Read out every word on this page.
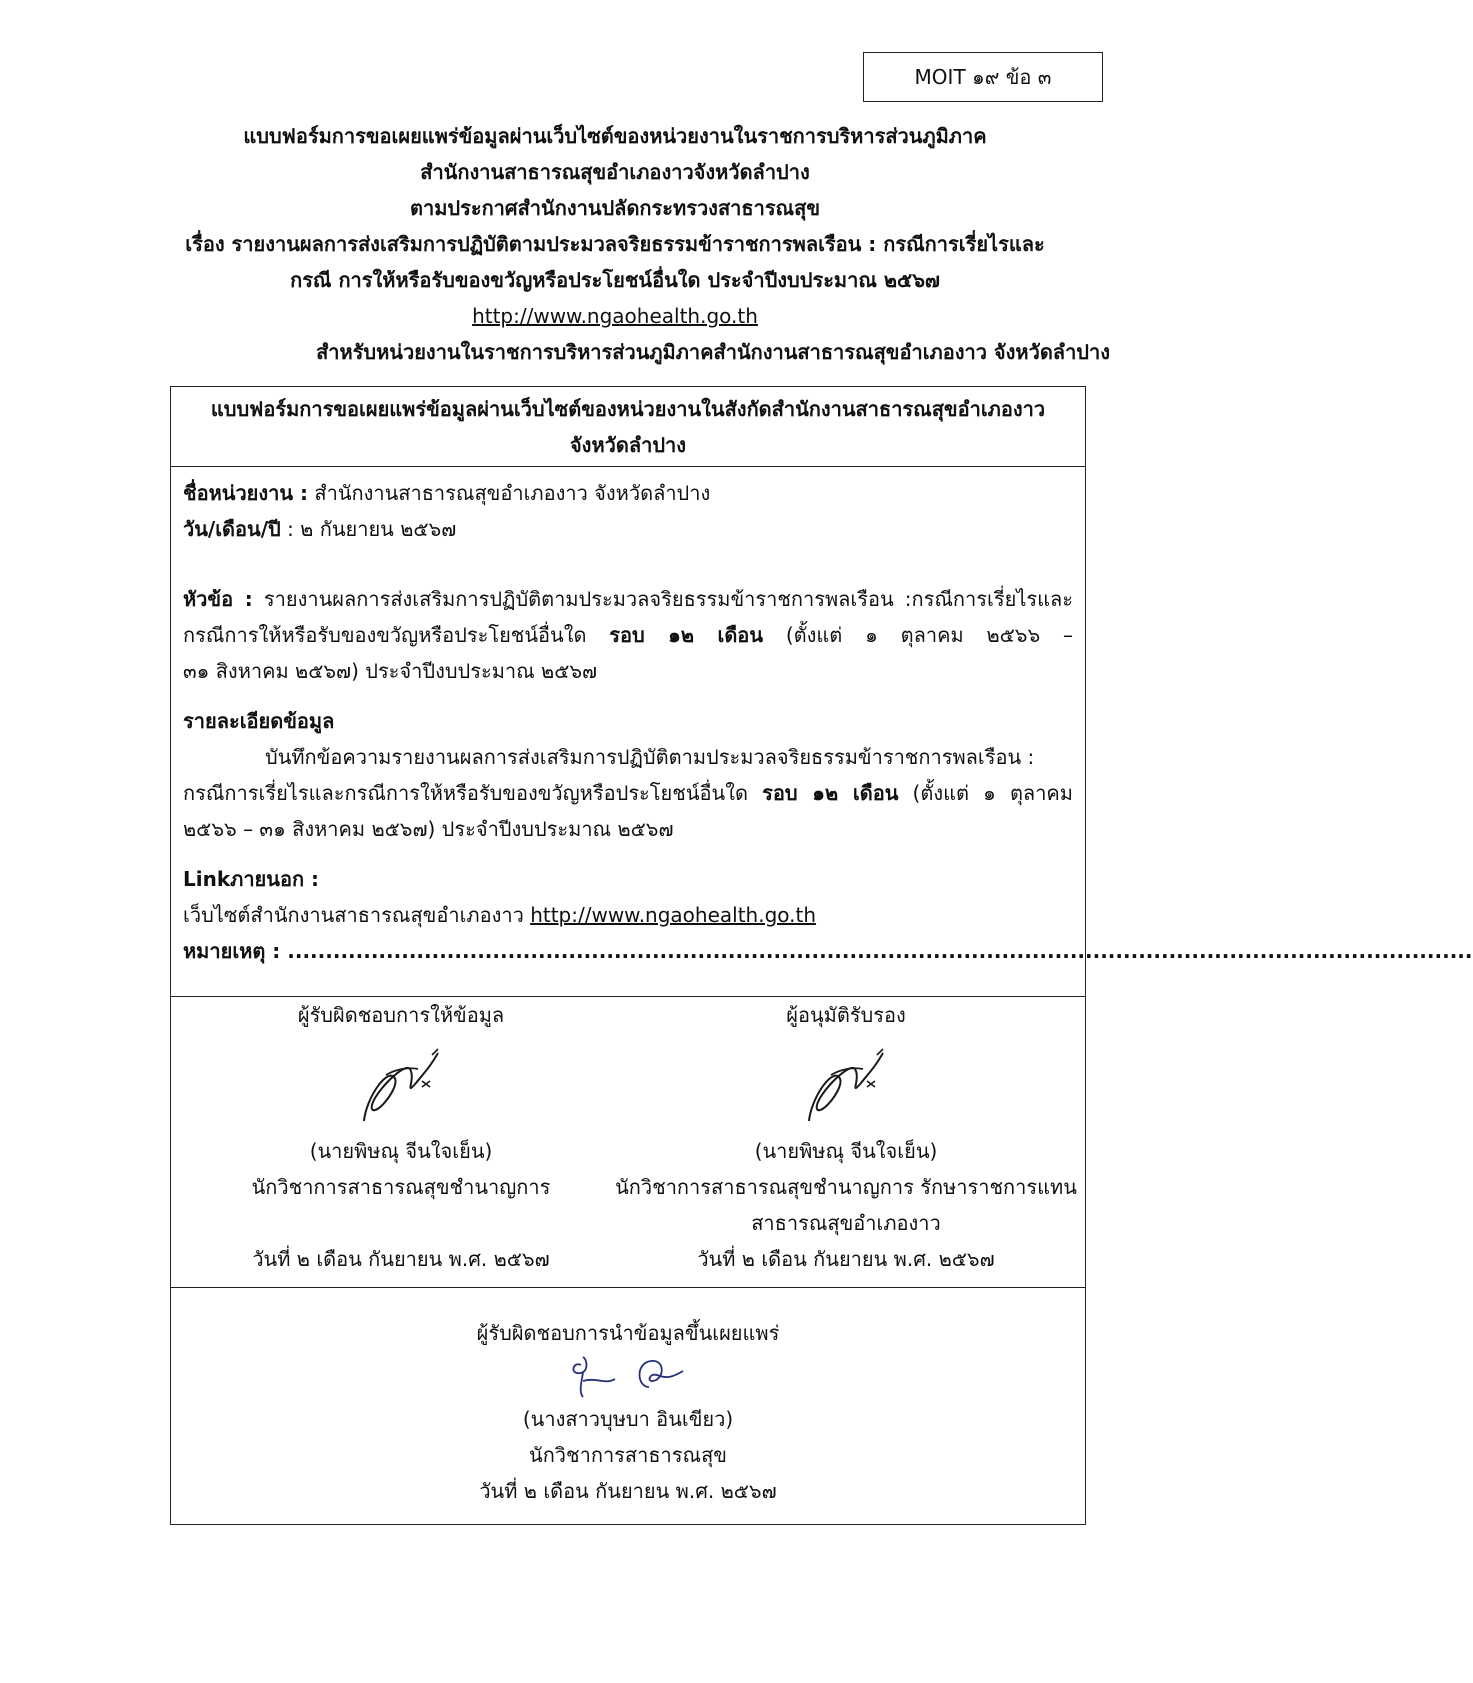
MOIT ๑๙ ข้อ ๓
แบบฟอร์มการขอเผยแพร่ข้อมูลผ่านเว็บไซต์ของหน่วยงานในราชการบริหารส่วนภูมิภาค
สำนักงานสาธารณสุขอำเภองาวจังหวัดลำปาง
ตามประกาศสำนักงานปลัดกระทรวงสาธารณสุข
เรื่อง รายงานผลการส่งเสริมการปฏิบัติตามประมวลจริยธรรมข้าราชการพลเรือน : กรณีการเรี่ยไรและ
กรณี การให้หรือรับของขวัญหรือประโยชน์อื่นใด ประจำปีงบประมาณ ๒๕๖๗
http://www.ngaohealth.go.th
สำหรับหน่วยงานในราชการบริหารส่วนภูมิภาคสำนักงานสาธารณสุขอำเภองาว จังหวัดลำปาง
แบบฟอร์มการขอเผยแพร่ข้อมูลผ่านเว็บไซต์ของหน่วยงานในสังกัดสำนักงานสาธารณสุขอำเภองาว
จังหวัดลำปาง
ชื่อหน่วยงาน : สำนักงานสาธารณสุขอำเภองาว จังหวัดลำปาง
วัน/เดือน/ปี : ๒ กันยายน ๒๕๖๗
หัวข้อ : รายงานผลการส่งเสริมการปฏิบัติตามประมวลจริยธรรมข้าราชการพลเรือน :กรณีการเรี่ยไรและ
กรณีการให้หรือรับของขวัญหรือประโยชน์อื่นใด รอบ ๑๒ เดือน (ตั้งแต่ ๑ ตุลาคม ๒๕๖๖ –
๓๑ สิงหาคม ๒๕๖๗) ประจำปีงบประมาณ ๒๕๖๗
รายละเอียดข้อมูล
บันทึกข้อความรายงานผลการส่งเสริมการปฏิบัติตามประมวลจริยธรรมข้าราชการพลเรือน :
กรณีการเรี่ยไรและกรณีการให้หรือรับของขวัญหรือประโยชน์อื่นใด รอบ ๑๒ เดือน (ตั้งแต่ ๑ ตุลาคม
๒๕๖๖ – ๓๑ สิงหาคม ๒๕๖๗) ประจำปีงบประมาณ ๒๕๖๗
Linkภายนอก :
เว็บไซต์สำนักงานสาธารณสุขอำเภองาว http://www.ngaohealth.go.th
หมายเหตุ : ............................................................................................................................................................
ผู้รับผิดชอบการให้ข้อมูล
(นายพิษณุ จีนใจเย็น)
นักวิชาการสาธารณสุขชำนาญการ
วันที่ ๒ เดือน กันยายน พ.ศ. ๒๕๖๗
ผู้อนุมัติรับรอง
(นายพิษณุ จีนใจเย็น)
นักวิชาการสาธารณสุขชำนาญการ รักษาราชการแทน
สาธารณสุขอำเภองาว
วันที่ ๒ เดือน กันยายน พ.ศ. ๒๕๖๗
ผู้รับผิดชอบการนำข้อมูลขึ้นเผยแพร่
(นางสาวบุษบา อินเขียว)
นักวิชาการสาธารณสุข
วันที่ ๒ เดือน กันยายน พ.ศ. ๒๕๖๗
